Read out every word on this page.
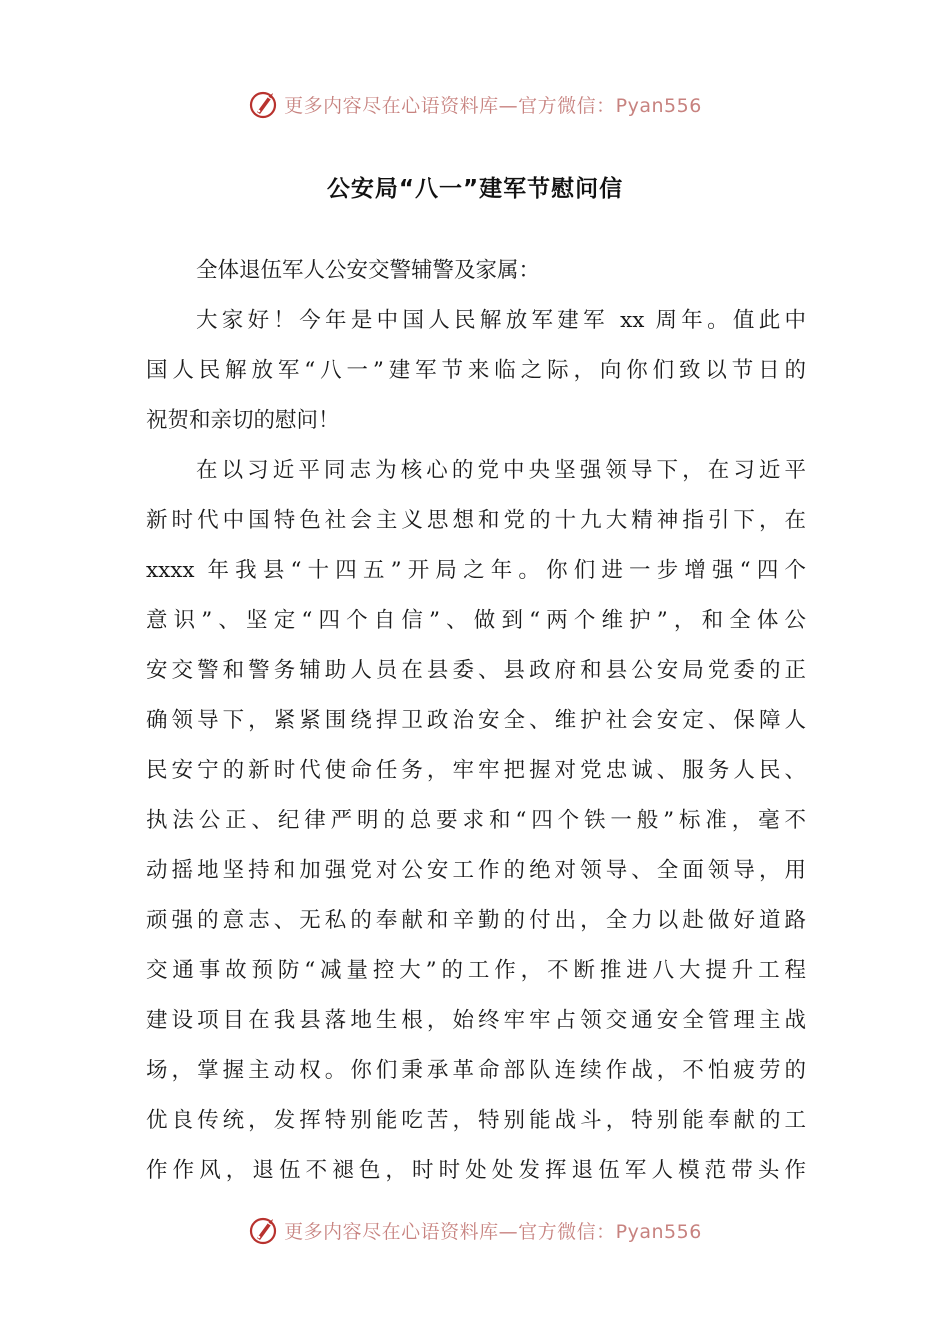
更多内容尽在心语资料库—官方微信：Pyan556
公安局“八一”建军节慰问信
全体退伍军人公安交警辅警及家属：
大家好！今年是中国人民解放军建军 xx 周年。值此中
国人民解放军“八一”建军节来临之际，向你们致以节日的
祝贺和亲切的慰问！
在以习近平同志为核心的党中央坚强领导下，在习近平
新时代中国特色社会主义思想和党的十九大精神指引下，在
xxxx 年我县“十四五”开局之年。你们进一步增强“四个
意识”、坚定“四个自信”、做到“两个维护”，和全体公
安交警和警务辅助人员在县委、县政府和县公安局党委的正
确领导下，紧紧围绕捍卫政治安全、维护社会安定、保障人
民安宁的新时代使命任务，牢牢把握对党忠诚、服务人民、
执法公正、纪律严明的总要求和“四个铁一般”标准，毫不
动摇地坚持和加强党对公安工作的绝对领导、全面领导，用
顽强的意志、无私的奉献和辛勤的付出，全力以赴做好道路
交通事故预防“减量控大”的工作，不断推进八大提升工程
建设项目在我县落地生根，始终牢牢占领交通安全管理主战
场，掌握主动权。你们秉承革命部队连续作战，不怕疲劳的
优良传统，发挥特别能吃苦，特别能战斗，特别能奉献的工
作作风，退伍不褪色，时时处处发挥退伍军人模范带头作
更多内容尽在心语资料库—官方微信：Pyan556
